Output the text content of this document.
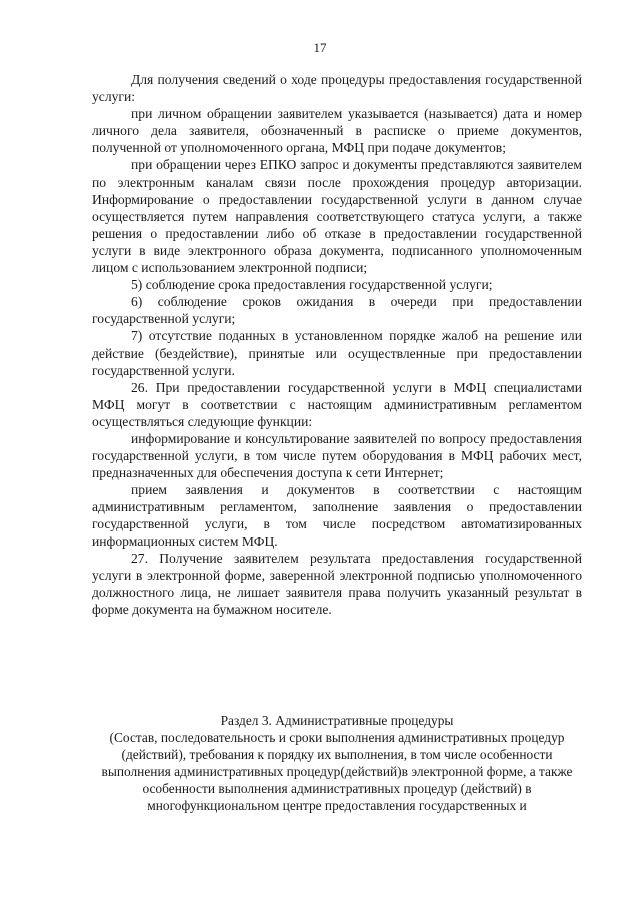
17

Для получения сведений о ходе процедуры предоставления государственной услуги:

при личном обращении заявителем указывается (называется) дата и номер личного дела заявителя, обозначенный в расписке о приеме документов, полученной от уполномоченного органа, МФЦ при подаче документов;

при обращении через ЕПКО запрос и документы представляются заявителем по электронным каналам связи после прохождения процедур авторизации. Информирование о предоставлении государственной услуги в данном случае осуществляется путем направления соответствующего статуса услуги, а также решения о предоставлении либо об отказе в предоставлении государственной услуги в виде электронного образа документа, подписанного уполномоченным лицом с использованием электронной подписи;

5) соблюдение срока предоставления государственной услуги;

6) соблюдение сроков ожидания в очереди при предоставлении государственной услуги;

7) отсутствие поданных в установленном порядке жалоб на решение или действие (бездействие), принятые или осуществленные при предоставлении государственной услуги.

26. При предоставлении государственной услуги в МФЦ специалистами МФЦ могут в соответствии с настоящим административным регламентом осуществляться следующие функции:

информирование и консультирование заявителей по вопросу предоставления государственной услуги, в том числе путем оборудования в МФЦ рабочих мест, предназначенных для обеспечения доступа к сети Интернет;

прием заявления и документов в соответствии с настоящим административным регламентом, заполнение заявления о предоставлении государственной услуги, в том числе посредством автоматизированных информационных систем МФЦ.

27. Получение заявителем результата предоставления государственной услуги в электронной форме, заверенной электронной подписью уполномоченного должностного лица, не лишает заявителя права получить указанный результат в форме документа на бумажном носителе.

Раздел 3. Административные процедуры

(Состав, последовательность и сроки выполнения административных процедур (действий), требования к порядку их выполнения, в том числе особенности выполнения административных процедур(действий)в электронной форме, а также особенности выполнения административных процедур (действий) в многофункциональном центре предоставления государственных и
